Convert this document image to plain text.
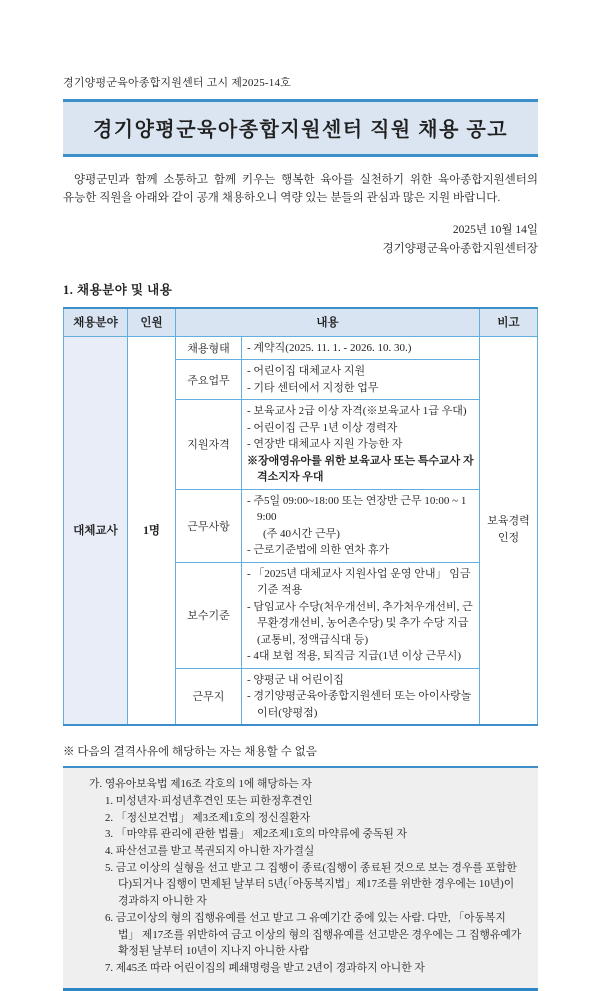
경기양평군육아종합지원센터 고시 제2025-14호
경기양평군육아종합지원센터 직원 채용 공고
양평군민과 함께 소통하고 함께 키우는 행복한 육아를 실천하기 위한 육아종합지원센터의 유능한 직원을 아래와 같이 공개 채용하오니 역량 있는 분들의 관심과 많은 지원 바랍니다.
2025년 10월 14일
경기양평군육아종합지원센터장
1. 채용분야 및 내용
채용분야	인원	내용		비고
대체교사	1명	채용형태	- 계약직(2025. 11. 1. - 2026. 10. 30.)	보육경력 인정
		주요업무	- 어린이집 대체교사 지원
- 기타 센터에서 지정한 업무	

		지원자격	- 보육교사 2급 이상 자격(※보육교사 1급 우대)
- 어린이집 근무 1년 이상 경력자
- 연장반 대체교사 지원 가능한 자
※장애영유아를 위한 보육교사 또는 특수교사 자격소지자 우대	

		근무사항	- 주5일 09:00~18:00 또는 연장반 근무 10:00 ~ 19:00
(주 40시간 근무)
- 근로기준법에 의한 연차 휴가	

		보수기준	- 「2025년 대체교사 지원사업 운영 안내」 임금 기준 적용
- 담임교사 수당(처우개선비, 추가처우개선비, 근무환경개선비, 농어촌수당) 및 추가 수당 지급(교통비, 정액급식대 등)
- 4대 보험 적용, 퇴직금 지급(1년 이상 근무시)	

		근무지	- 양평군 내 어린이집
- 경기양평군육아종합지원센터 또는 아이사랑놀이터(양평점)	
※ 다음의 결격사유에 해당하는 자는 채용할 수 없음
가. 영유아보육법 제16조 각호의 1에 해당하는 자
1. 미성년자·피성년후견인 또는 피한정후견인
2. 「정신보건법」 제3조제1호의 정신질환자
3. 「마약류 관리에 관한 법률」 제2조제1호의 마약류에 중독된 자
4. 파산선고를 받고 복권되지 아니한 자가결실
5. 금고 이상의 실형을 선고 받고 그 집행이 종료(집행이 종료된 것으로 보는 경우를 포함한다)되거나 집행이 면제된 날부터 5년(「아동복지법」제17조를 위반한 경우에는 10년)이 경과하지 아니한 자
6. 금고이상의 형의 집행유예를 선고 받고 그 유예기간 중에 있는 사람. 다만, 「아동복지법」 제17조를 위반하여 금고 이상의 형의 집행유예를 선고받은 경우에는 그 집행유예가 확정된 날부터 10년이 지나지 아니한 사람
7. 제45조 따라 어린이집의 폐쇄명령을 받고 2년이 경과하지 아니한 자
